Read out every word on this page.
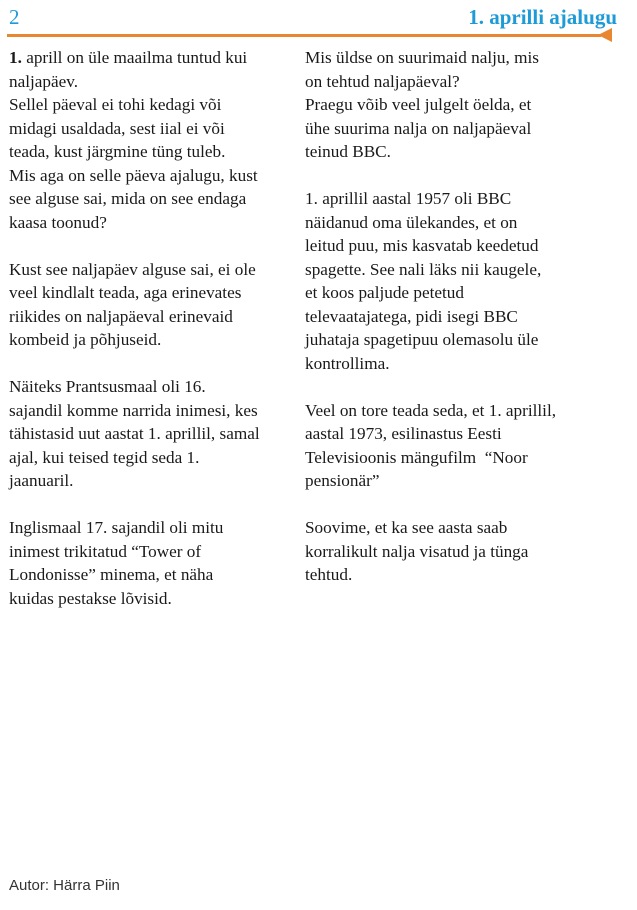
2	1. aprilli ajalugu

1. aprill on üle maailma tuntud kui
naljapäev.
Sellel päeval ei tohi kedagi või
midagi usaldada, sest iial ei või
teada, kust järgmine tüng tuleb.
Mis aga on selle päeva ajalugu, kust
see alguse sai, mida on see endaga
kaasa toonud?

Kust see naljapäev alguse sai, ei ole
veel kindlalt teada, aga erinevates
riikides on naljapäeval erinevaid
kombeid ja põhjuseid.

Näiteks Prantsusmaal oli 16.
sajandil komme narrida inimesi, kes
tähistasid uut aastat 1. aprillil, samal
ajal, kui teised tegid seda 1.
jaanuaril.

Inglismaal 17. sajandil oli mitu
inimest trikitatud “Tower of
Londonisse” minema, et näha
kuidas pestakse lõvisid.

Mis üldse on suurimaid nalju, mis
on tehtud naljapäeval?
Praegu võib veel julgelt öelda, et
ühe suurima nalja on naljapäeval
teinud BBC.

1. aprillil aastal 1957 oli BBC
näidanud oma ülekandes, et on
leitud puu, mis kasvatab keedetud
spagette. See nali läks nii kaugele,
et koos paljude petetud
televaatajatega, pidi isegi BBC
juhataja spagetipuu olemasolu üle
kontrollima.

Veel on tore teada seda, et 1. aprillil,
aastal 1973, esilinastus Eesti
Televisioonis mängufilm  “Noor
pensionär”

Soovime, et ka see aasta saab
korralikult nalja visatud ja tünga
tehtud.

Autor: Härra Piin
